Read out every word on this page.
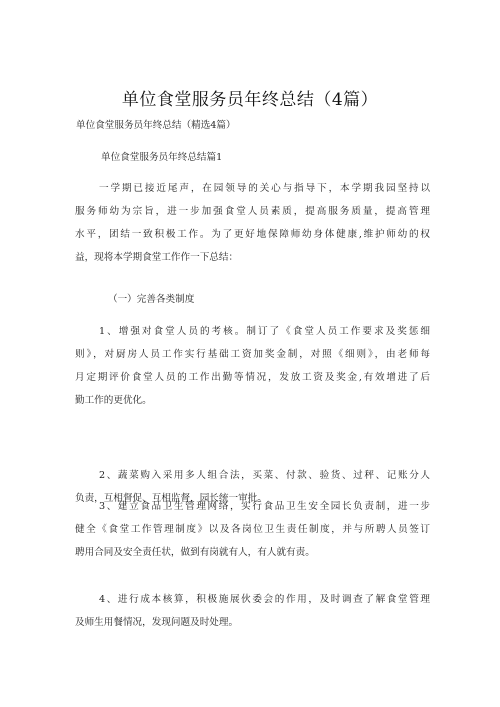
单位食堂服务员年终总结（4篇）
单位食堂服务员年终总结（精选4篇）
单位食堂服务员年终总结篇1
一学期已接近尾声，在园领导的关心与指导下，本学期我园坚持以
服务师幼为宗旨，进一步加强食堂人员素质，提高服务质量，提高管理
水平，团结一致积极工作。为了更好地保障师幼身体健康,维护师幼的权
益，现将本学期食堂工作作一下总结：
（一）完善各类制度
1、增强对食堂人员的考核。制订了《食堂人员工作要求及奖惩细
则》，对厨房人员工作实行基础工资加奖金制，对照《细则》，由老师每
月定期评价食堂人员的工作出勤等情况，发放工资及奖金,有效增进了后
勤工作的更优化。
2、蔬菜购入采用多人组合法，买菜、付款、验货、过秤、记账分人
负责，互相督促、互相监督，园长统一审批。
3、建立食品卫生管理网络，实行食品卫生安全园长负责制，进一步
健全《食堂工作管理制度》以及各岗位卫生责任制度，并与所聘人员签订
聘用合同及安全责任状，做到有岗就有人，有人就有责。
4、进行成本核算，积极施展伙委会的作用，及时调查了解食堂管理
及师生用餐情况，发现问题及时处理。
